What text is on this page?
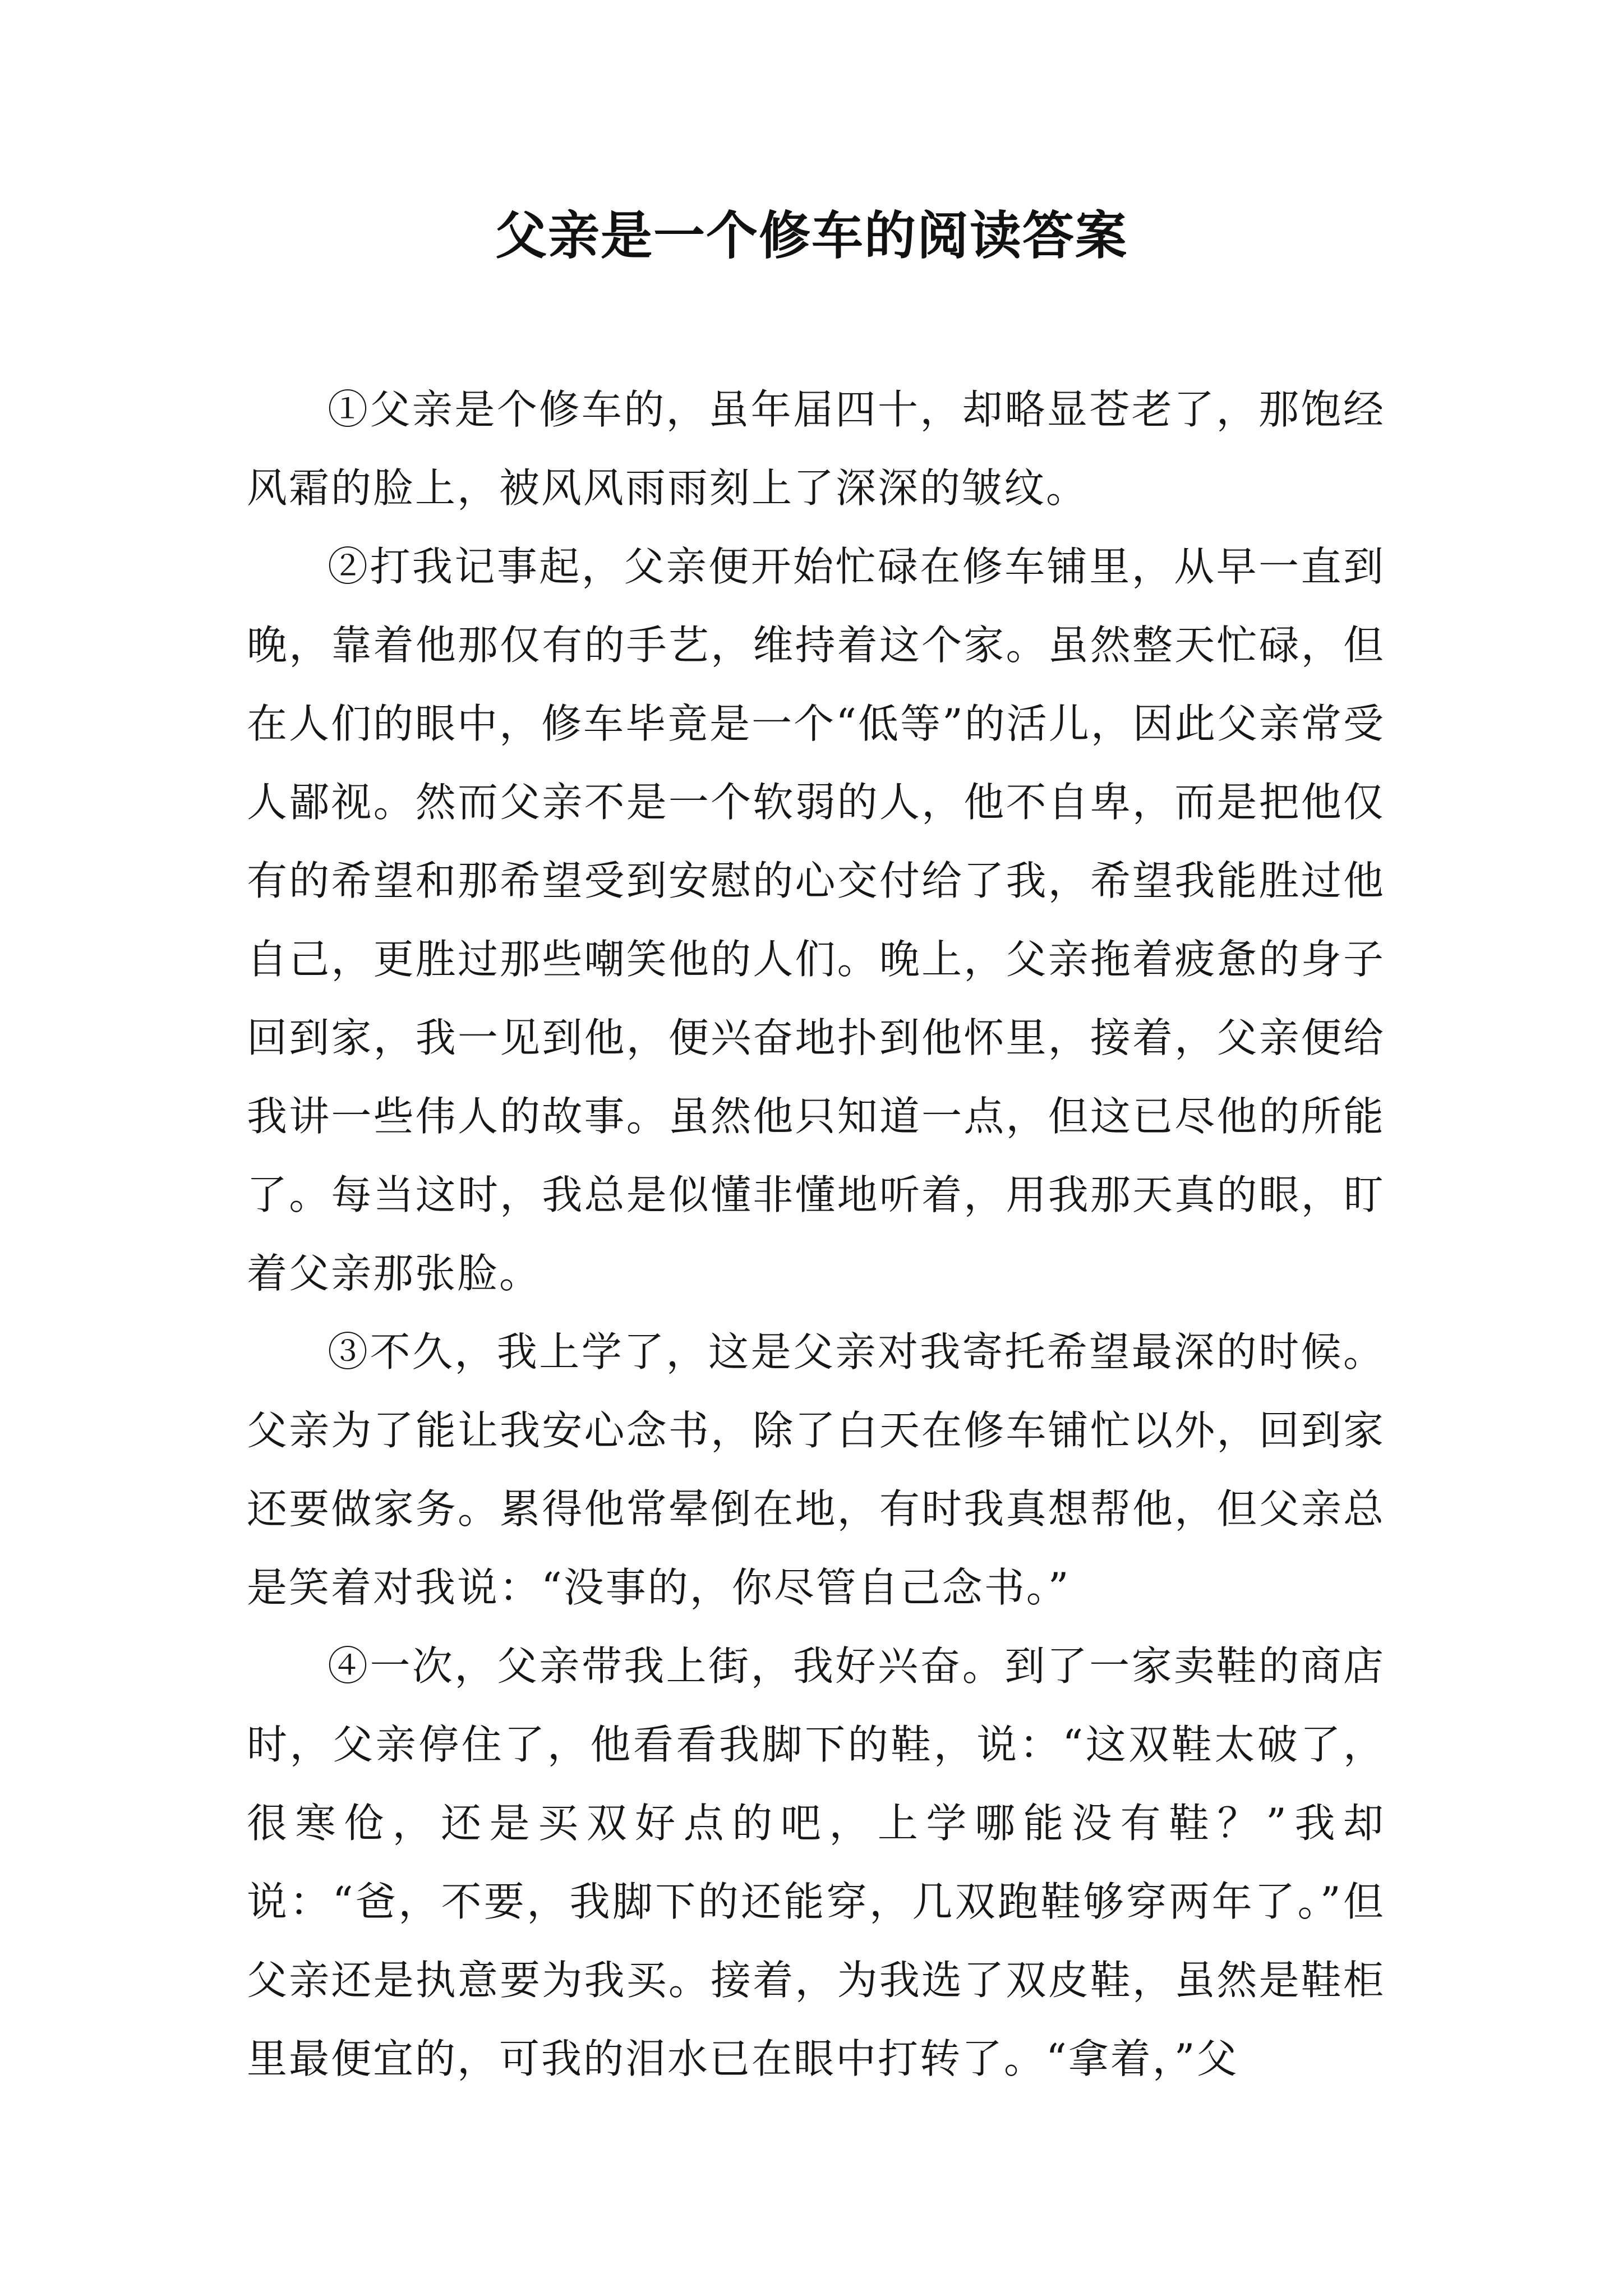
父亲是一个修车的阅读答案

①父亲是个修车的，虽年届四十，却略显苍老了，那饱经风霜的脸上，被风风雨雨刻上了深深的皱纹。

②打我记事起，父亲便开始忙碌在修车铺里，从早一直到晚，靠着他那仅有的手艺，维持着这个家。虽然整天忙碌，但在人们的眼中，修车毕竟是一个“低等”的活儿，因此父亲常受人鄙视。然而父亲不是一个软弱的人，他不自卑，而是把他仅有的希望和那希望受到安慰的心交付给了我，希望我能胜过他自己，更胜过那些嘲笑他的人们。晚上，父亲拖着疲惫的身子回到家，我一见到他，便兴奋地扑到他怀里，接着，父亲便给我讲一些伟人的故事。虽然他只知道一点，但这已尽他的所能了。每当这时，我总是似懂非懂地听着，用我那天真的眼，盯着父亲那张脸。

③不久，我上学了，这是父亲对我寄托希望最深的时候。父亲为了能让我安心念书，除了白天在修车铺忙以外，回到家还要做家务。累得他常晕倒在地，有时我真想帮他，但父亲总是笑着对我说：“没事的，你尽管自己念书。”

④一次，父亲带我上街，我好兴奋。到了一家卖鞋的商店时，父亲停住了，他看看我脚下的鞋，说：“这双鞋太破了，很寒伧，还是买双好点的吧，上学哪能没有鞋？”我却说：“爸，不要，我脚下的还能穿，几双跑鞋够穿两年了。”但父亲还是执意要为我买。接着，为我选了双皮鞋，虽然是鞋柜里最便宜的，可我的泪水已在眼中打转了。“拿着，”父
